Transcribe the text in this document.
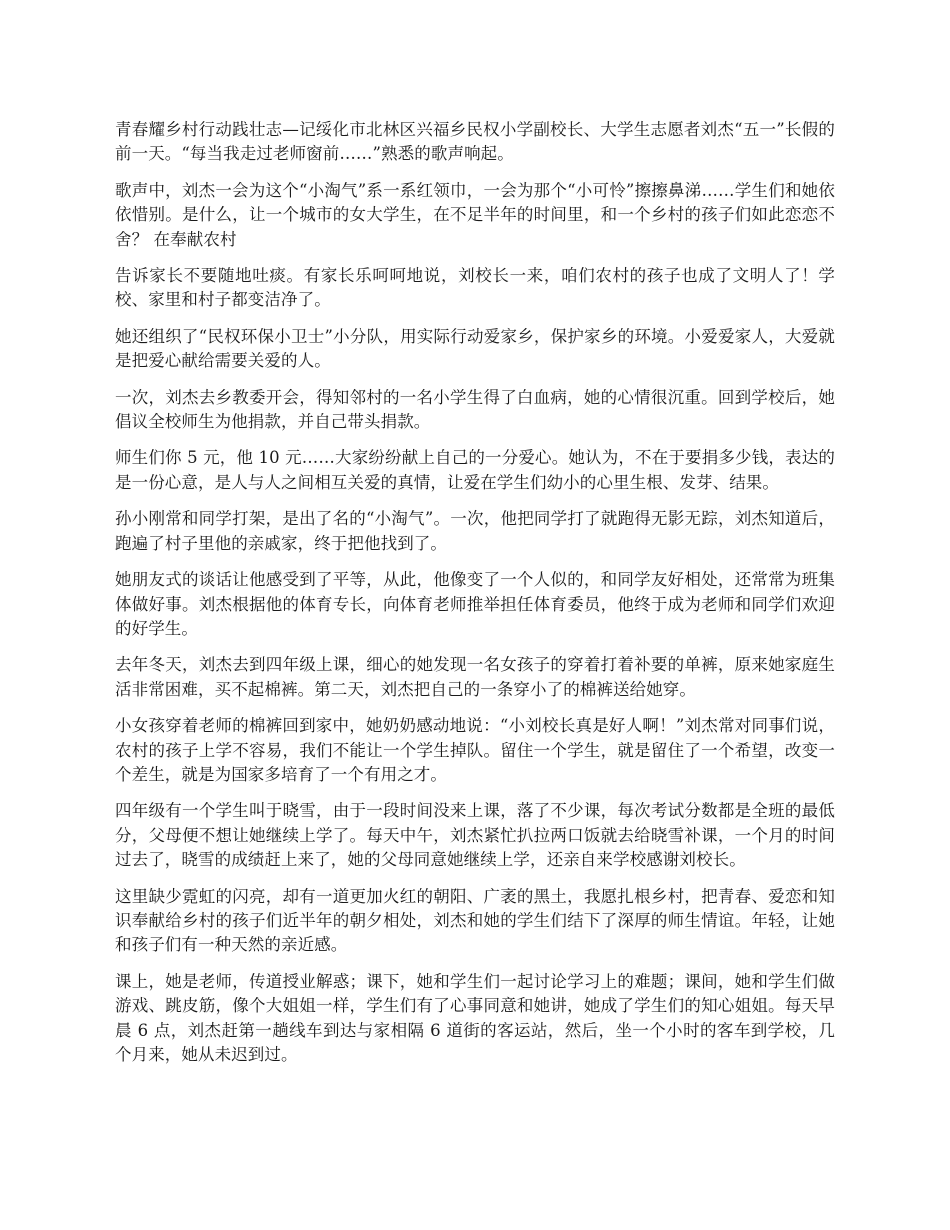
青春耀乡村行动践壮志—记绥化市北林区兴福乡民权小学副校长、大学生志愿者刘杰“五一”长假的前一天。“每当我走过老师窗前……”熟悉的歌声响起。

歌声中，刘杰一会为这个“小淘气”系一系红领巾，一会为那个“小可怜”擦擦鼻涕……学生们和她依依惜别。是什么，让一个城市的女大学生，在不足半年的时间里，和一个乡村的孩子们如此恋恋不舍？ 在奉献农村

告诉家长不要随地吐痰。有家长乐呵呵地说，刘校长一来，咱们农村的孩子也成了文明人了！学校、家里和村子都变洁净了。

她还组织了“民权环保小卫士”小分队，用实际行动爱家乡，保护家乡的环境。小爱爱家人，大爱就是把爱心献给需要关爱的人。

一次，刘杰去乡教委开会，得知邻村的一名小学生得了白血病，她的心情很沉重。回到学校后，她倡议全校师生为他捐款，并自己带头捐款。

师生们你 5 元，他 10 元……大家纷纷献上自己的一分爱心。她认为，不在于要捐多少钱，表达的是一份心意，是人与人之间相互关爱的真情，让爱在学生们幼小的心里生根、发芽、结果。

孙小刚常和同学打架，是出了名的“小淘气”。一次，他把同学打了就跑得无影无踪，刘杰知道后，跑遍了村子里他的亲戚家，终于把他找到了。

她朋友式的谈话让他感受到了平等，从此，他像变了一个人似的，和同学友好相处，还常常为班集体做好事。刘杰根据他的体育专长，向体育老师推举担任体育委员，他终于成为老师和同学们欢迎的好学生。

去年冬天，刘杰去到四年级上课，细心的她发现一名女孩子的穿着打着补要的单裤，原来她家庭生活非常困难，买不起棉裤。第二天，刘杰把自己的一条穿小了的棉裤送给她穿。

小女孩穿着老师的棉裤回到家中，她奶奶感动地说：“小刘校长真是好人啊！”刘杰常对同事们说，农村的孩子上学不容易，我们不能让一个学生掉队。留住一个学生，就是留住了一个希望，改变一个差生，就是为国家多培育了一个有用之才。

四年级有一个学生叫于晓雪，由于一段时间没来上课，落了不少课，每次考试分数都是全班的最低分，父母便不想让她继续上学了。每天中午，刘杰紧忙扒拉两口饭就去给晓雪补课，一个月的时间过去了，晓雪的成绩赶上来了，她的父母同意她继续上学，还亲自来学校感谢刘校长。

这里缺少霓虹的闪亮，却有一道更加火红的朝阳、广袤的黑土，我愿扎根乡村，把青春、爱恋和知识奉献给乡村的孩子们近半年的朝夕相处，刘杰和她的学生们结下了深厚的师生情谊。年轻，让她和孩子们有一种天然的亲近感。

课上，她是老师，传道授业解惑；课下，她和学生们一起讨论学习上的难题；课间，她和学生们做游戏、跳皮筋，像个大姐姐一样，学生们有了心事同意和她讲，她成了学生们的知心姐姐。每天早晨 6 点，刘杰赶第一趟线车到达与家相隔 6 道街的客运站，然后，坐一个小时的客车到学校，几个月来，她从未迟到过。
